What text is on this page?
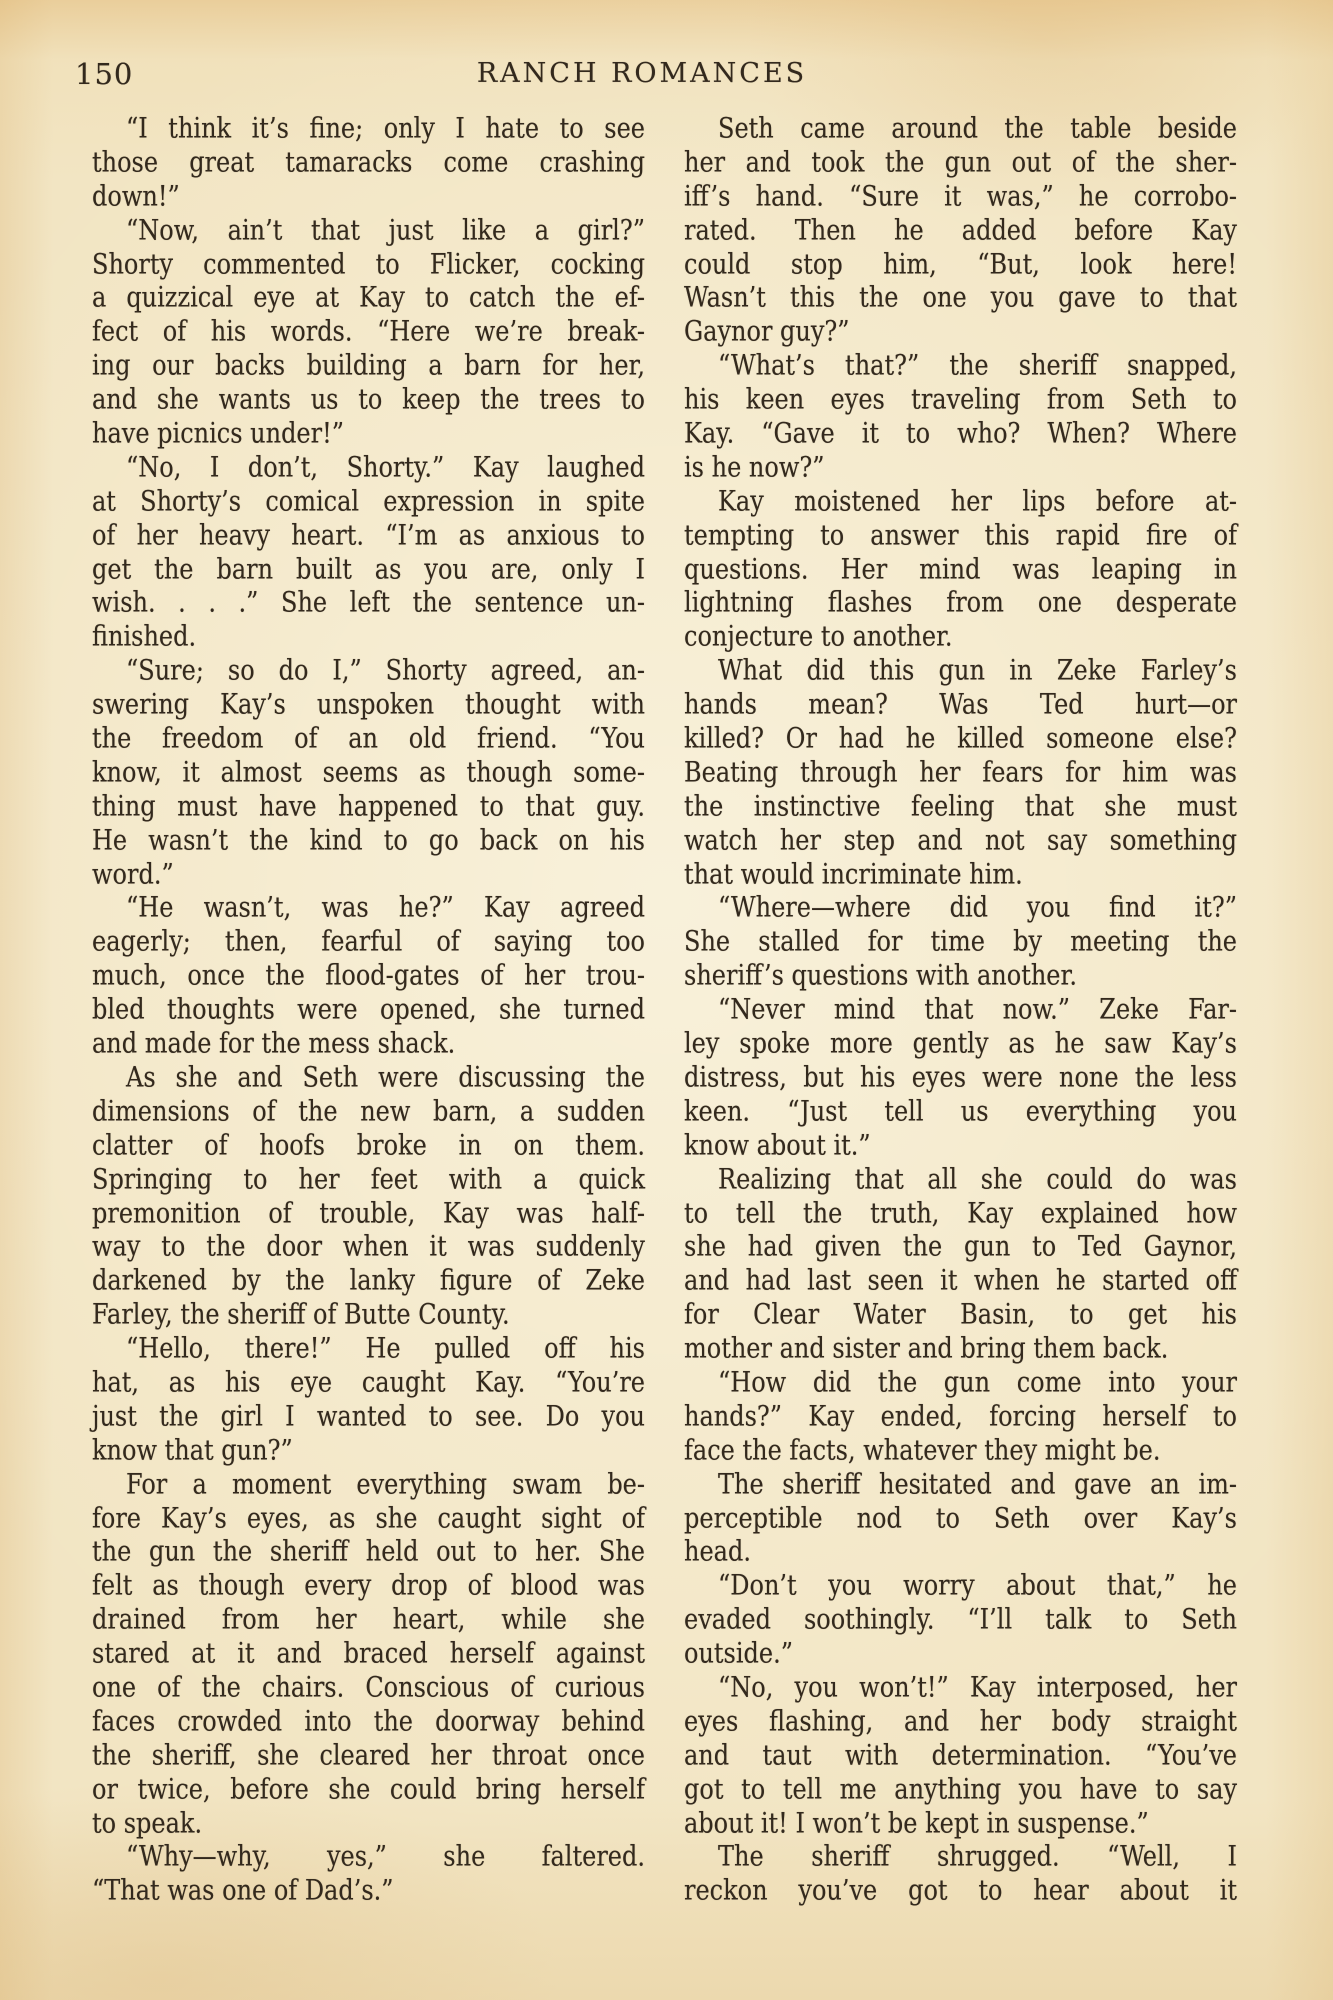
150	RANCH ROMANCES
“I think it’s fine; only I hate to see
those great tamaracks come crashing
down!”
“Now, ain’t that just like a girl?”
Shorty commented to Flicker, cocking
a quizzical eye at Kay to catch the ef-
fect of his words. “Here we’re break-
ing our backs building a barn for her,
and she wants us to keep the trees to
have picnics under!”
“No, I don’t, Shorty.” Kay laughed
at Shorty’s comical expression in spite
of her heavy heart. “I’m as anxious to
get the barn built as you are, only I
wish. . . .” She left the sentence un-
finished.
“Sure; so do I,” Shorty agreed, an-
swering Kay’s unspoken thought with
the freedom of an old friend. “You
know, it almost seems as though some-
thing must have happened to that guy.
He wasn’t the kind to go back on his
word.”
“He wasn’t, was he?” Kay agreed
eagerly; then, fearful of saying too
much, once the flood-gates of her trou-
bled thoughts were opened, she turned
and made for the mess shack.
As she and Seth were discussing the
dimensions of the new barn, a sudden
clatter of hoofs broke in on them.
Springing to her feet with a quick
premonition of trouble, Kay was half-
way to the door when it was suddenly
darkened by the lanky figure of Zeke
Farley, the sheriff of Butte County.
“Hello, there!” He pulled off his
hat, as his eye caught Kay. “You’re
just the girl I wanted to see. Do you
know that gun?”
For a moment everything swam be-
fore Kay’s eyes, as she caught sight of
the gun the sheriff held out to her. She
felt as though every drop of blood was
drained from her heart, while she
stared at it and braced herself against
one of the chairs. Conscious of curious
faces crowded into the doorway behind
the sheriff, she cleared her throat once
or twice, before she could bring herself
to speak.
“Why—why, yes,” she faltered.
“That was one of Dad’s.”
Seth came around the table beside
her and took the gun out of the sher-
iff’s hand. “Sure it was,” he corrobo-
rated. Then he added before Kay
could stop him, “But, look here!
Wasn’t this the one you gave to that
Gaynor guy?”
“What’s that?” the sheriff snapped,
his keen eyes traveling from Seth to
Kay. “Gave it to who? When? Where
is he now?”
Kay moistened her lips before at-
tempting to answer this rapid fire of
questions. Her mind was leaping in
lightning flashes from one desperate
conjecture to another.
What did this gun in Zeke Farley’s
hands mean? Was Ted hurt—or
killed? Or had he killed someone else?
Beating through her fears for him was
the instinctive feeling that she must
watch her step and not say something
that would incriminate him.
“Where—where did you find it?”
She stalled for time by meeting the
sheriff’s questions with another.
“Never mind that now.” Zeke Far-
ley spoke more gently as he saw Kay’s
distress, but his eyes were none the less
keen. “Just tell us everything you
know about it.”
Realizing that all she could do was
to tell the truth, Kay explained how
she had given the gun to Ted Gaynor,
and had last seen it when he started off
for Clear Water Basin, to get his
mother and sister and bring them back.
“How did the gun come into your
hands?” Kay ended, forcing herself to
face the facts, whatever they might be.
The sheriff hesitated and gave an im-
perceptible nod to Seth over Kay’s
head.
“Don’t you worry about that,” he
evaded soothingly. “I’ll talk to Seth
outside.”
“No, you won’t!” Kay interposed, her
eyes flashing, and her body straight
and taut with determination. “You’ve
got to tell me anything you have to say
about it! I won’t be kept in suspense.”
The sheriff shrugged. “Well, I
reckon you’ve got to hear about it
